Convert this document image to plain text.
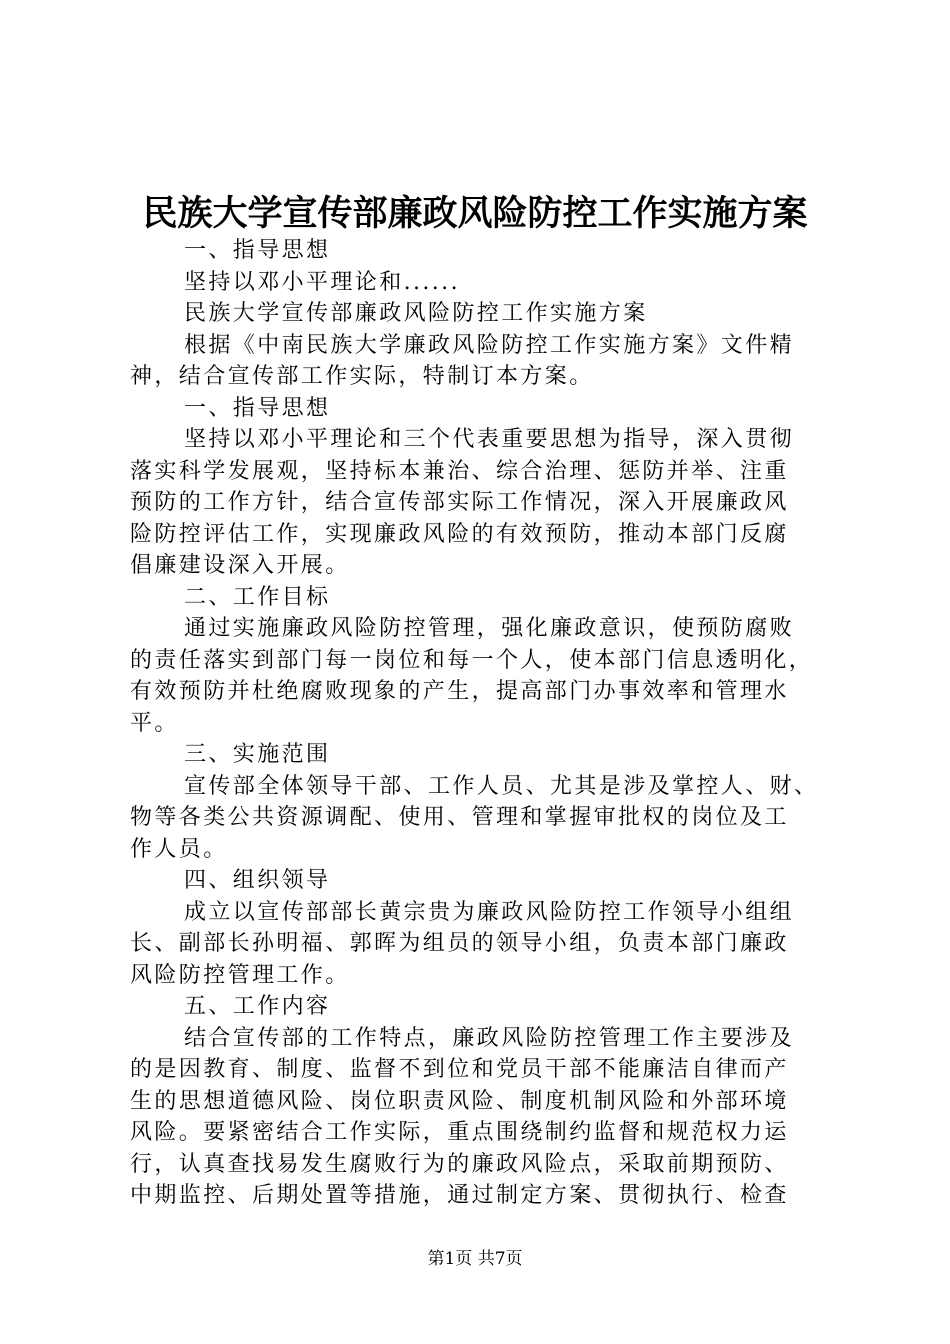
民族大学宣传部廉政风险防控工作实施方案
一、指导思想
坚持以邓小平理论和......
民族大学宣传部廉政风险防控工作实施方案
根据《中南民族大学廉政风险防控工作实施方案》文件精
神，结合宣传部工作实际，特制订本方案。
一、指导思想
坚持以邓小平理论和三个代表重要思想为指导，深入贯彻
落实科学发展观，坚持标本兼治、综合治理、惩防并举、注重
预防的工作方针，结合宣传部实际工作情况，深入开展廉政风
险防控评估工作，实现廉政风险的有效预防，推动本部门反腐
倡廉建设深入开展。
二、工作目标
通过实施廉政风险防控管理，强化廉政意识，使预防腐败
的责任落实到部门每一岗位和每一个人，使本部门信息透明化，
有效预防并杜绝腐败现象的产生，提高部门办事效率和管理水
平。
三、实施范围
宣传部全体领导干部、工作人员、尤其是涉及掌控人、财、
物等各类公共资源调配、使用、管理和掌握审批权的岗位及工
作人员。
四、组织领导
成立以宣传部部长黄宗贵为廉政风险防控工作领导小组组
长、副部长孙明福、郭晖为组员的领导小组，负责本部门廉政
风险防控管理工作。
五、工作内容
结合宣传部的工作特点，廉政风险防控管理工作主要涉及
的是因教育、制度、监督不到位和党员干部不能廉洁自律而产
生的思想道德风险、岗位职责风险、制度机制风险和外部环境
风险。要紧密结合工作实际，重点围绕制约监督和规范权力运
行，认真查找易发生腐败行为的廉政风险点，采取前期预防、
中期监控、后期处置等措施，通过制定方案、贯彻执行、检查
第1页 共7页
